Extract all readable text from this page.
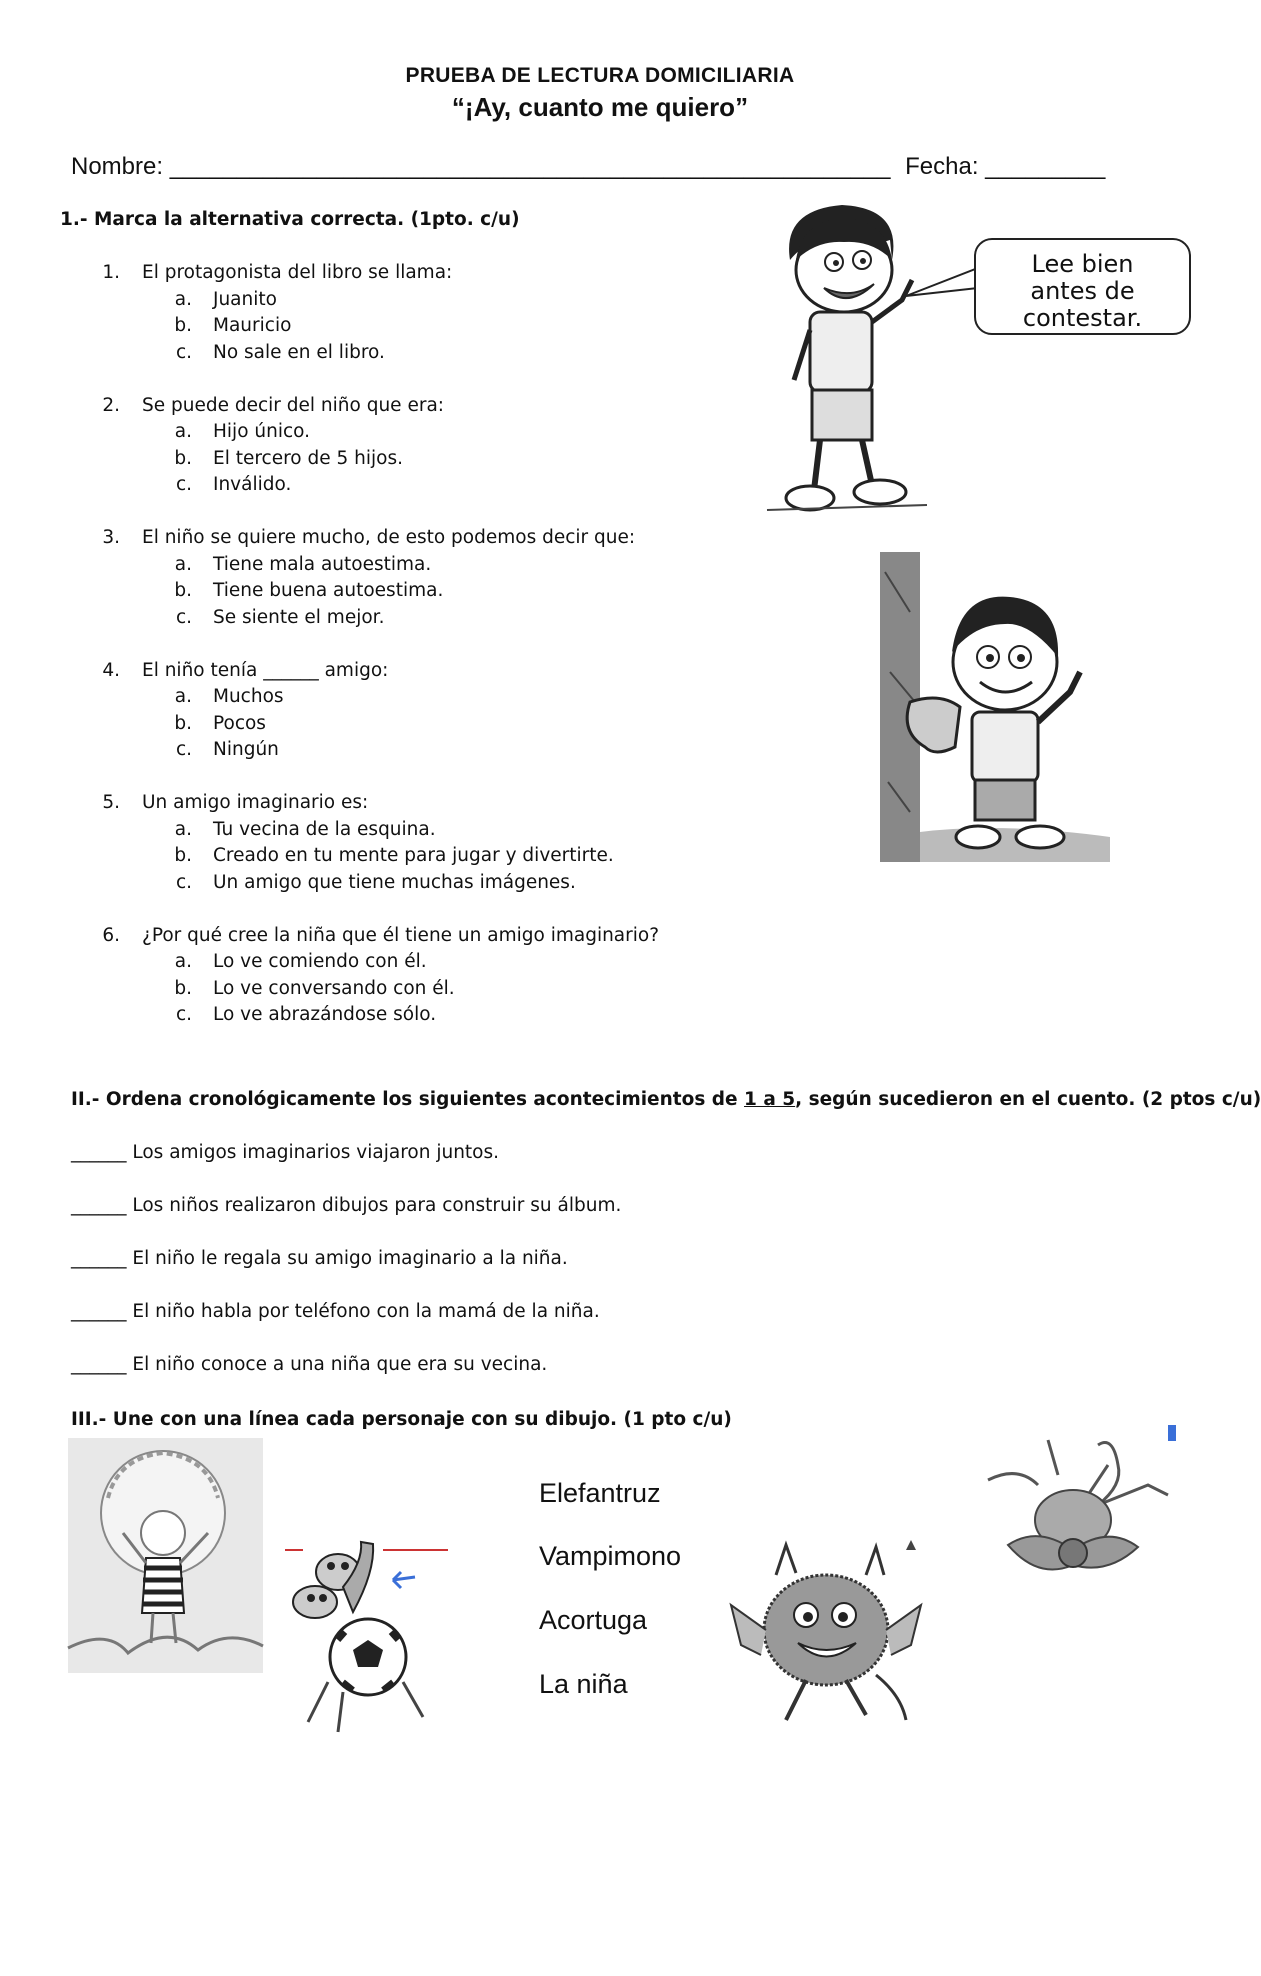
PRUEBA DE LECTURA DOMICILIARIA
“¡Ay, cuanto me quiero”
Nombre: ______________________________________________________ Fecha: _________
1.- Marca la alternativa correcta. (1pto. c/u)
1. El protagonista del libro se llama:
a. Juanito
b. Mauricio
c. No sale en el libro.
2. Se puede decir del niño que era:
a. Hijo único.
b. El tercero de 5 hijos.
c. Inválido.
3. El niño se quiere mucho, de esto podemos decir que:
a. Tiene mala autoestima.
b. Tiene buena autoestima.
c. Se siente el mejor.
4. El niño tenía ______ amigo:
a. Muchos
b. Pocos
c. Ningún
5. Un amigo imaginario es:
a. Tu vecina de la esquina.
b. Creado en tu mente para jugar y divertirte.
c. Un amigo que tiene muchas imágenes.
6. ¿Por qué cree la niña que él tiene un amigo imaginario?
a. Lo ve comiendo con él.
b. Lo ve conversando con él.
c. Lo ve abrazándose sólo.
Lee bien
antes de
contestar.
II.- Ordena cronológicamente los siguientes acontecimientos de 1 a 5, según sucedieron en el cuento. (2 ptos c/u)
______ Los amigos imaginarios viajaron juntos.
______ Los niños realizaron dibujos para construir su álbum.
______ El niño le regala su amigo imaginario a la niña.
______ El niño habla por teléfono con la mamá de la niña.
______ El niño conoce a una niña que era su vecina.
III.- Une con una línea cada personaje con su dibujo. (1 pto c/u)
Elefantruz
Vampimono
Acortuga
La niña
